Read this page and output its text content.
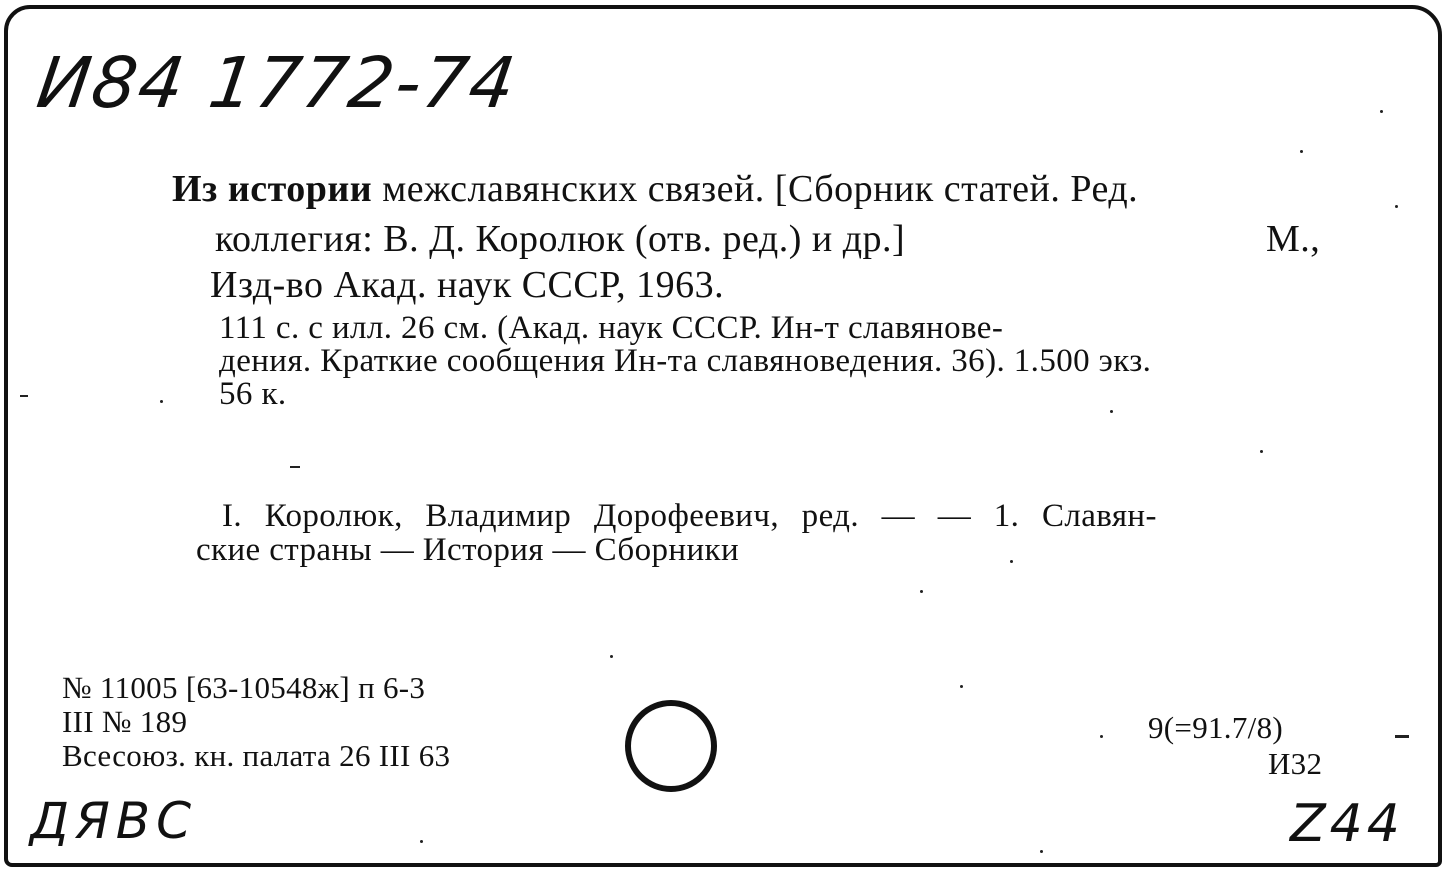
И84 1772-74
Из истории межславянских связей. [Сборник статей. Ред.
коллегия: В. Д. Королюк (отв. ред.) и др.]	М.,
Изд-во Акад. наук СССР, 1963.
111 с. с илл. 26 см. (Акад. наук СССР. Ин-т славянове-
дения. Краткие сообщения Ин-та славяноведения. 36). 1.500 экз.
56 к.
I. Королюк, Владимир Дорофеевич, ред. — — 1. Славян-
ские страны — История — Сборники
№ 11005 [63-10548ж] п 6-3
III № 189
Всесоюз. кн. палата 26 III 63
9(=91.7/8)
И32
ДЯВС	Z44
